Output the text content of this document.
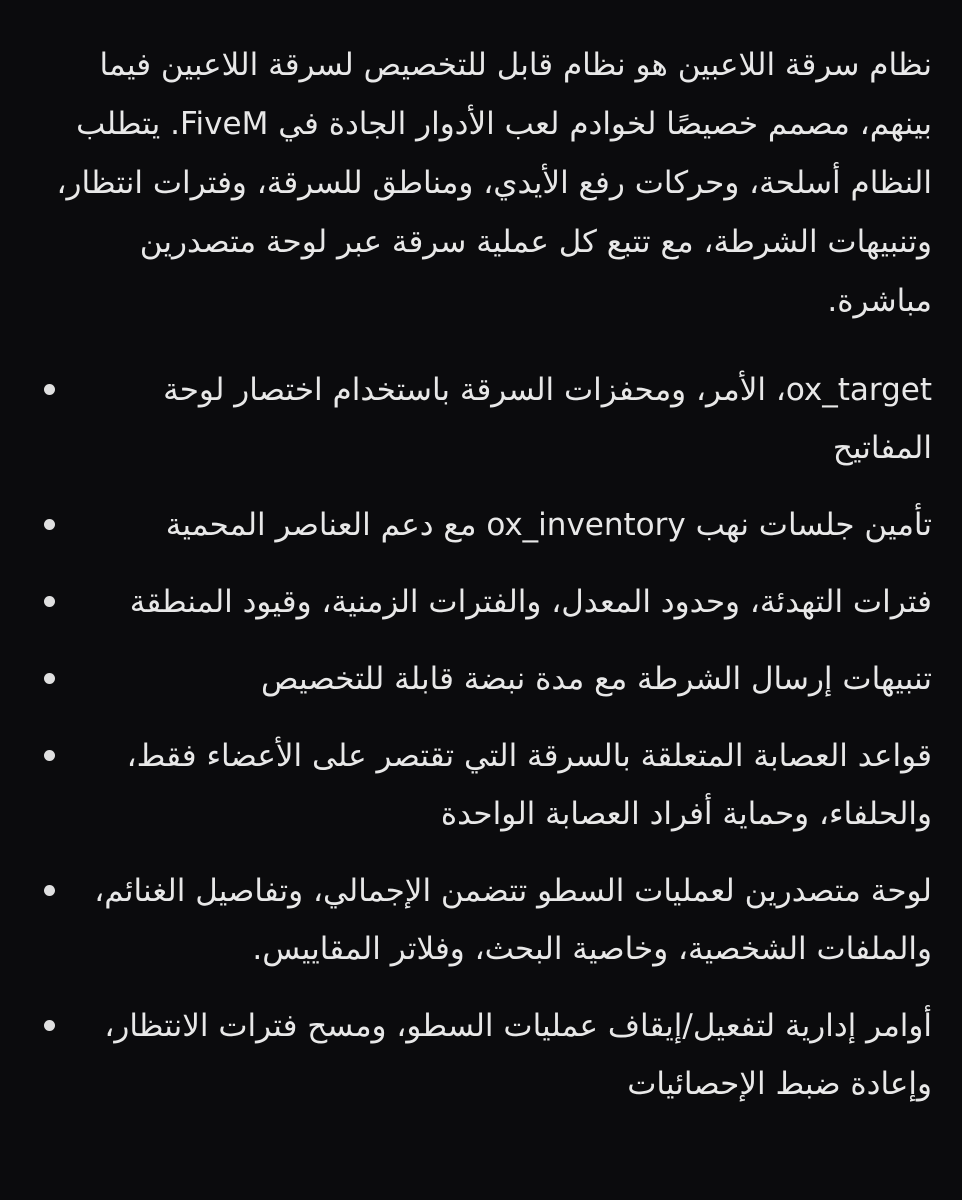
نظام سرقة اللاعبين هو نظام قابل للتخصيص لسرقة اللاعبين فيما بينهم، مصمم خصيصًا لخوادم لعب الأدوار الجادة في FiveM. يتطلب النظام أسلحة، وحركات رفع الأيدي، ومناطق للسرقة، وفترات انتظار، وتنبيهات الشرطة، مع تتبع كل عملية سرقة عبر لوحة متصدرين مباشرة.

ox_target، الأمر، ومحفزات السرقة باستخدام اختصار لوحة المفاتيح
تأمين جلسات نهب ox_inventory مع دعم العناصر المحمية
فترات التهدئة، وحدود المعدل، والفترات الزمنية، وقيود المنطقة
تنبيهات إرسال الشرطة مع مدة نبضة قابلة للتخصيص
قواعد العصابة المتعلقة بالسرقة التي تقتصر على الأعضاء فقط، والحلفاء، وحماية أفراد العصابة الواحدة
لوحة متصدرين لعمليات السطو تتضمن الإجمالي، وتفاصيل الغنائم، والملفات الشخصية، وخاصية البحث، وفلاتر المقاييس.
أوامر إدارية لتفعيل/إيقاف عمليات السطو، ومسح فترات الانتظار، وإعادة ضبط الإحصائيات
